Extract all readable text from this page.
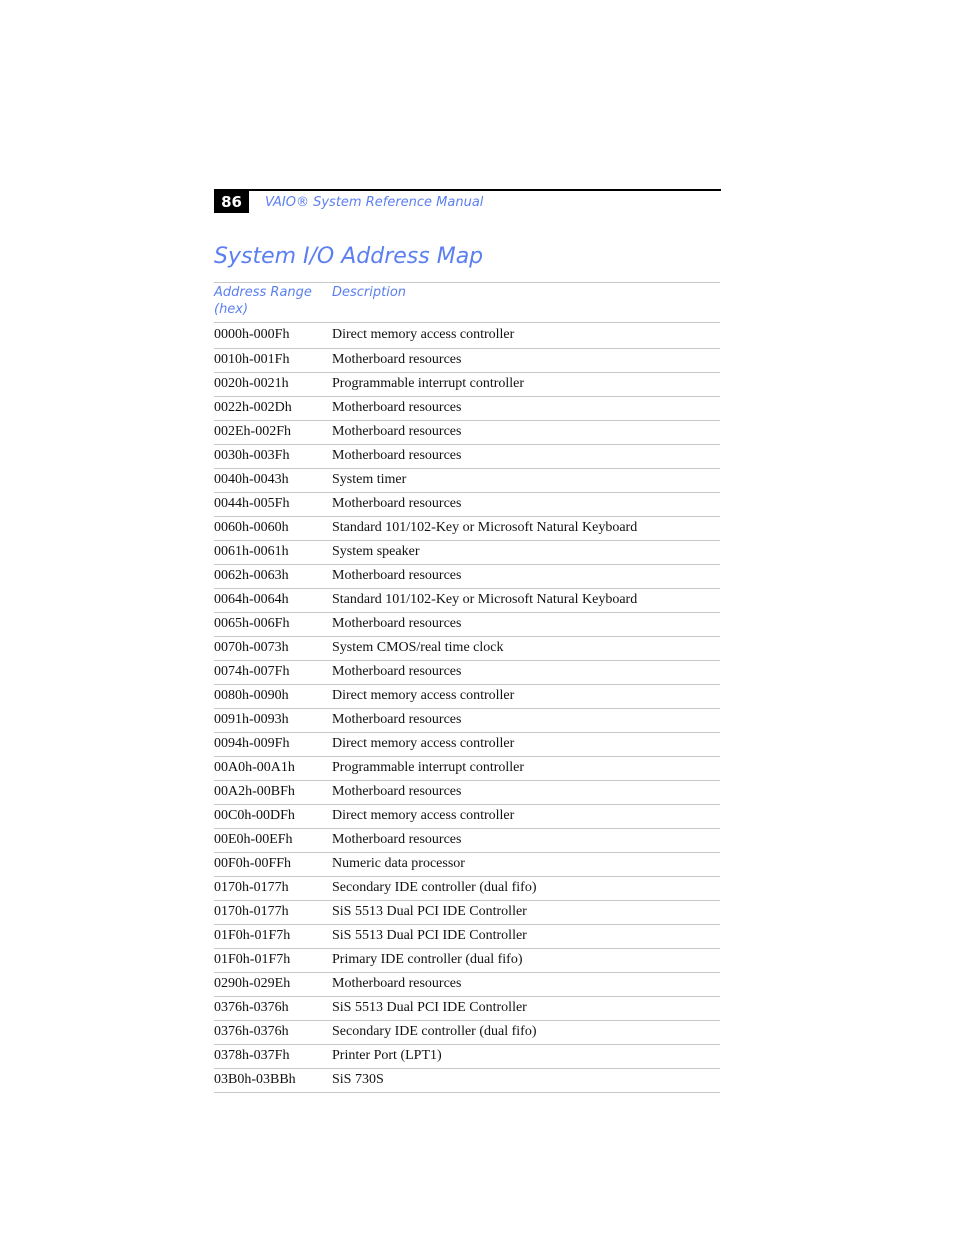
86	VAIO® System Reference Manual
System I/O Address Map
Address Range
(hex)	Description
0000h-000Fh	Direct memory access controller
0010h-001Fh	Motherboard resources
0020h-0021h	Programmable interrupt controller
0022h-002Dh	Motherboard resources
002Eh-002Fh	Motherboard resources
0030h-003Fh	Motherboard resources
0040h-0043h	System timer
0044h-005Fh	Motherboard resources
0060h-0060h	Standard 101/102-Key or Microsoft Natural Keyboard
0061h-0061h	System speaker
0062h-0063h	Motherboard resources
0064h-0064h	Standard 101/102-Key or Microsoft Natural Keyboard
0065h-006Fh	Motherboard resources
0070h-0073h	System CMOS/real time clock
0074h-007Fh	Motherboard resources
0080h-0090h	Direct memory access controller
0091h-0093h	Motherboard resources
0094h-009Fh	Direct memory access controller
00A0h-00A1h	Programmable interrupt controller
00A2h-00BFh	Motherboard resources
00C0h-00DFh	Direct memory access controller
00E0h-00EFh	Motherboard resources
00F0h-00FFh	Numeric data processor
0170h-0177h	Secondary IDE controller (dual fifo)
0170h-0177h	SiS 5513 Dual PCI IDE Controller
01F0h-01F7h	SiS 5513 Dual PCI IDE Controller
01F0h-01F7h	Primary IDE controller (dual fifo)
0290h-029Eh	Motherboard resources
0376h-0376h	SiS 5513 Dual PCI IDE Controller
0376h-0376h	Secondary IDE controller (dual fifo)
0378h-037Fh	Printer Port (LPT1)
03B0h-03BBh	SiS 730S
